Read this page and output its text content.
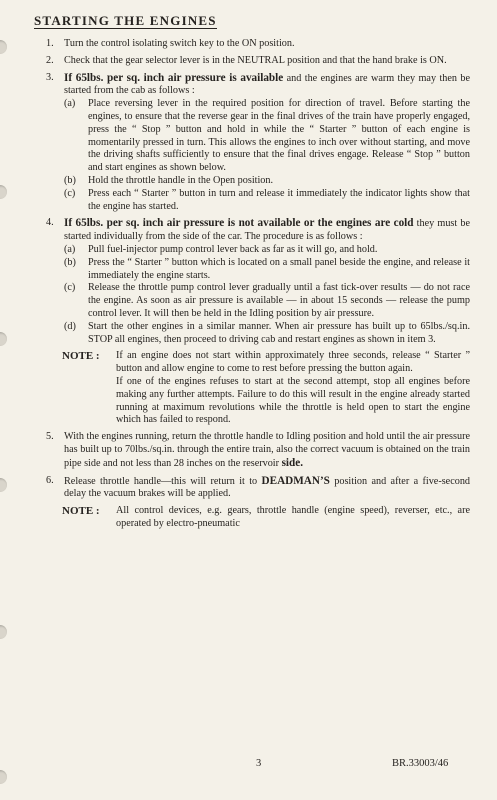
STARTING THE ENGINES
1. Turn the control isolating switch key to the ON position.
2. Check that the gear selector lever is in the NEUTRAL position and that the hand brake is ON.
3. If 65lbs. per sq. inch air pressure is available and the engines are warm they may then be started from the cab as follows :
(a) Place reversing lever in the required position for direction of travel. Before starting the engines, to ensure that the reverse gear in the final drives of the train have properly engaged, press the “ Stop ” button and hold in while the “ Starter ” button of each engine is momentarily pressed in turn. This allows the engines to inch over without starting, and move the driving shafts sufficiently to ensure that the final drives engage. Release “ Stop ” button and start engines as shown below.
(b) Hold the throttle handle in the Open position.
(c) Press each “ Starter ” button in turn and release it immediately the indicator lights show that the engine has started.
4. If 65lbs. per sq. inch air pressure is not available or the engines are cold they must be started individually from the side of the car. The procedure is as follows :
(a) Pull fuel-injector pump control lever back as far as it will go, and hold.
(b) Press the “ Starter ” button which is located on a small panel beside the engine, and release it immediately the engine starts.
(c) Release the throttle pump control lever gradually until a fast tick-over results — do not race the engine. As soon as air pressure is available — in about 15 seconds — release the pump control lever. It will then be held in the Idling position by air pressure.
(d) Start the other engines in a similar manner. When air pressure has built up to 65lbs./sq.in. STOP all engines, then proceed to driving cab and restart engines as shown in item 3.
NOTE : If an engine does not start within approximately three seconds, release “ Starter ” button and allow engine to come to rest before pressing the button again.

If one of the engines refuses to start at the second attempt, stop all engines before making any further attempts. Failure to do this will result in the engine already started running at maximum revolutions while the throttle is held open to start the engine which has failed to respond.

5. With the engines running, return the throttle handle to Idling position and hold until the air pressure has built up to 70lbs./sq.in. through the entire train, also the correct vacuum is obtained on the train pipe side and not less than 28 inches on the reservoir side.
6. Release throttle handle—this will return it to DEADMAN’S position and after a five-second delay the vacuum brakes will be applied.
NOTE : All control devices, e.g. gears, throttle handle (engine speed), reverser, etc., are operated by electro-pneumatic

3	BR.33003/46
